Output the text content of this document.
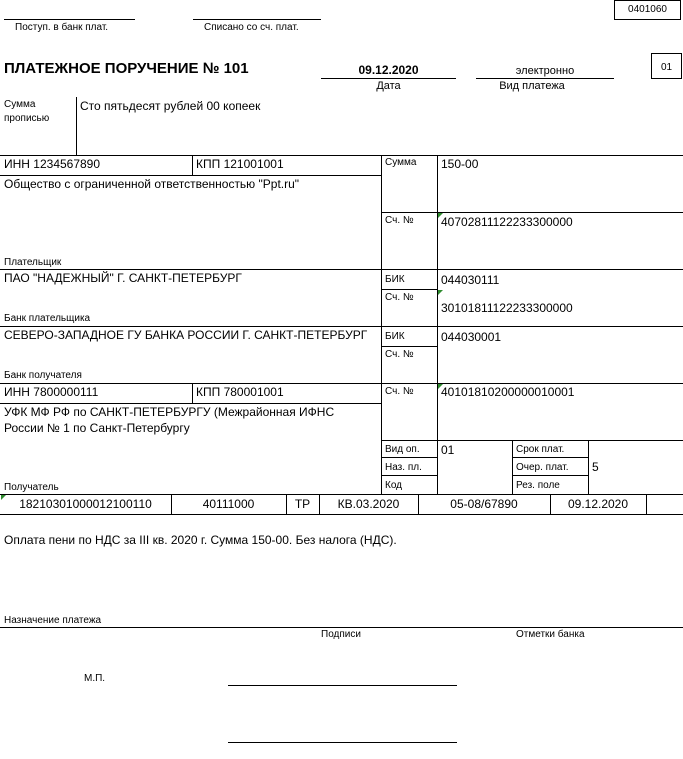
0401060
Поступ. в банк плат.	Списано со сч. плат.
ПЛАТЕЖНОЕ ПОРУЧЕНИЕ № 101	09.12.2020
Дата
электронно
Вид платежа
01
Сумма
прописью
Сто пятьдесят рублей 00 копеек
ИНН 1234567890	КПП 121001001
Общество с ограниченной ответственностью "Ppt.ru"
Плательщик
Сумма 150-00
Сч. № 40702811122233300000
ПАО "НАДЕЖНЫЙ" Г. САНКТ-ПЕТЕРБУРГ
Банк плательщика
БИК	044030111
Сч. №
30101811122233300000
СЕВЕРО-ЗАПАДНОЕ ГУ БАНКА РОССИИ Г. САНКТ-ПЕТЕРБУРГ
Банк получателя
БИК	044030001
Сч. №
ИНН 7800000111	КПП 780001001
УФК МФ РФ по САНКТ-ПЕТЕРБУРГУ (Межрайонная ИФНС
России № 1 по Санкт-Петербургу
Получатель
Сч. № 40101810200000010001
Вид оп. 01
Наз. пл.
Код
Срок плат.
Очер. плат. 5
Рез. поле
18210301000012100110	40111000	ТР	КВ.03.2020	05-08/67890	09.12.2020
Оплата пени по НДС за III кв. 2020 г. Сумма 150-00. Без налога (НДС).
Назначение платежа
Подписи	Отметки банка
М.П.
